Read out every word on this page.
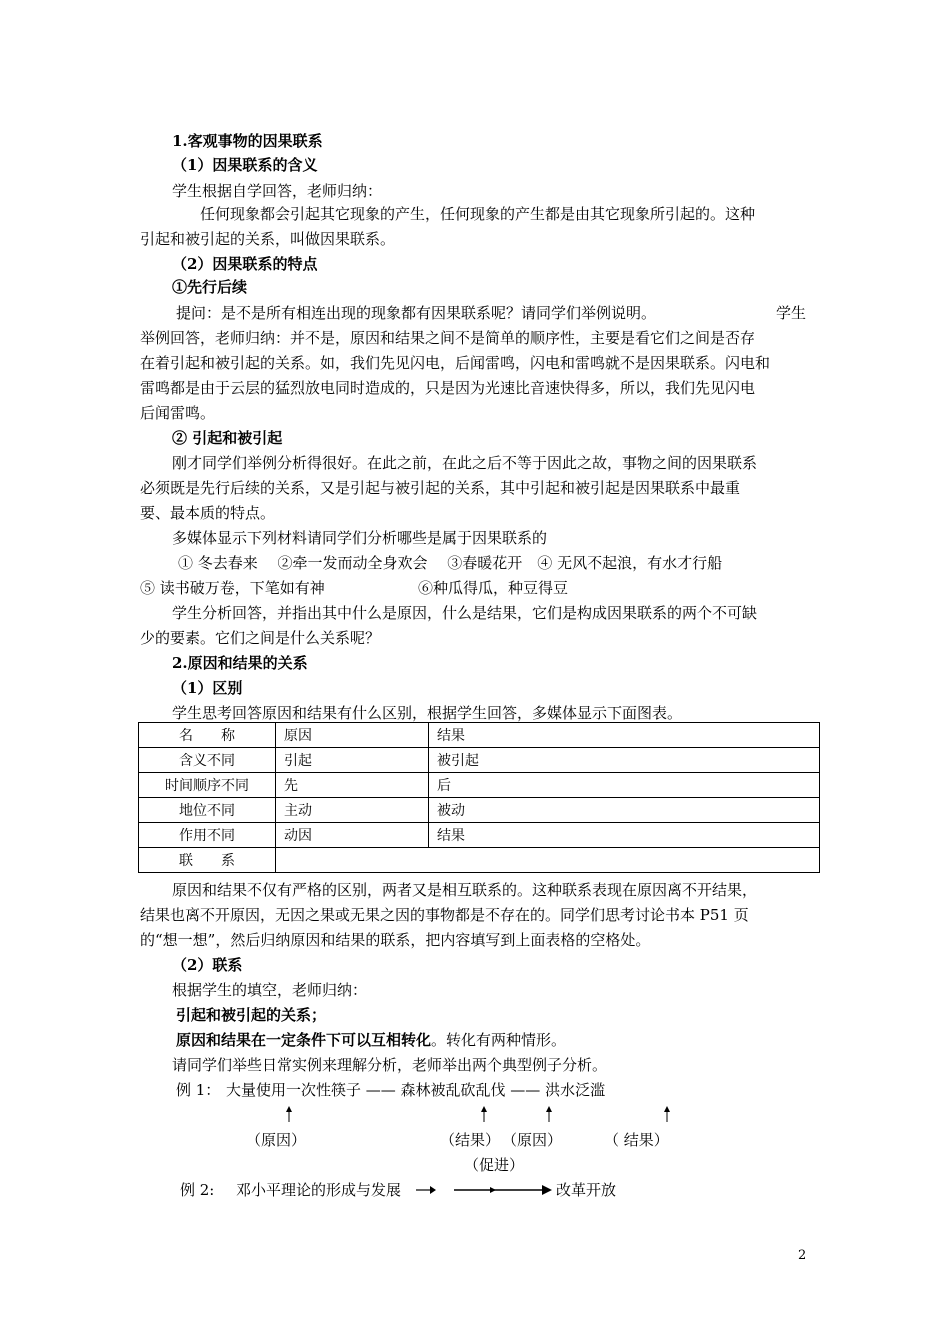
1.客观事物的因果联系
（1）因果联系的含义
学生根据自学回答，老师归纳：
任何现象都会引起其它现象的产生，任何现象的产生都是由其它现象所引起的。这种
引起和被引起的关系，叫做因果联系。
（2）因果联系的特点
①先行后续
提问：是不是所有相连出现的现象都有因果联系呢？请同学们举例说明。	学生
举例回答，老师归纳：并不是，原因和结果之间不是简单的顺序性，主要是看它们之间是否存
在着引起和被引起的关系。如，我们先见闪电，后闻雷鸣，闪电和雷鸣就不是因果联系。闪电和
雷鸣都是由于云层的猛烈放电同时造成的，只是因为光速比音速快得多，所以，我们先见闪电
后闻雷鸣。
② 引起和被引起
刚才同学们举例分析得很好。在此之前，在此之后不等于因此之故，事物之间的因果联系
必须既是先行后续的关系，又是引起与被引起的关系，其中引起和被引起是因果联系中最重
要、最本质的特点。
多媒体显示下列材料请同学们分析哪些是属于因果联系的
① 冬去春来　 ②牵一发而动全身欢会　 ③春暖花开　④ 无风不起浪，有水才行船
⑤ 读书破万卷，下笔如有神	⑥种瓜得瓜，种豆得豆
学生分析回答，并指出其中什么是原因，什么是结果，它们是构成因果联系的两个不可缺
少的要素。它们之间是什么关系呢？
2.原因和结果的关系
（1）区别
学生思考回答原因和结果有什么区别，根据学生回答，多媒体显示下面图表。
名　　称	原因	结果
含义不同	引起	被引起
时间顺序不同	先	后
地位不同	主动	被动
作用不同	动因	结果
联　　系		
原因和结果不仅有严格的区别，两者又是相互联系的。这种联系表现在原因离不开结果，
结果也离不开原因，无因之果或无果之因的事物都是不存在的。同学们思考讨论书本 P51 页
的“想一想”，然后归纳原因和结果的联系，把内容填写到上面表格的空格处。
（2）联系
根据学生的填空，老师归纳：
引起和被引起的关系；
原因和结果在一定条件下可以互相转化。转化有两种情形。
请同学们举些日常实例来理解分析，老师举出两个典型例子分析。
例 1： 大量使用一次性筷子 —— 森林被乱砍乱伐 —— 洪水泛滥
（原因）	（结果） （原因）	（ 结果）
（促进）
例 2: 邓小平理论的形成与发展	改革开放
2
